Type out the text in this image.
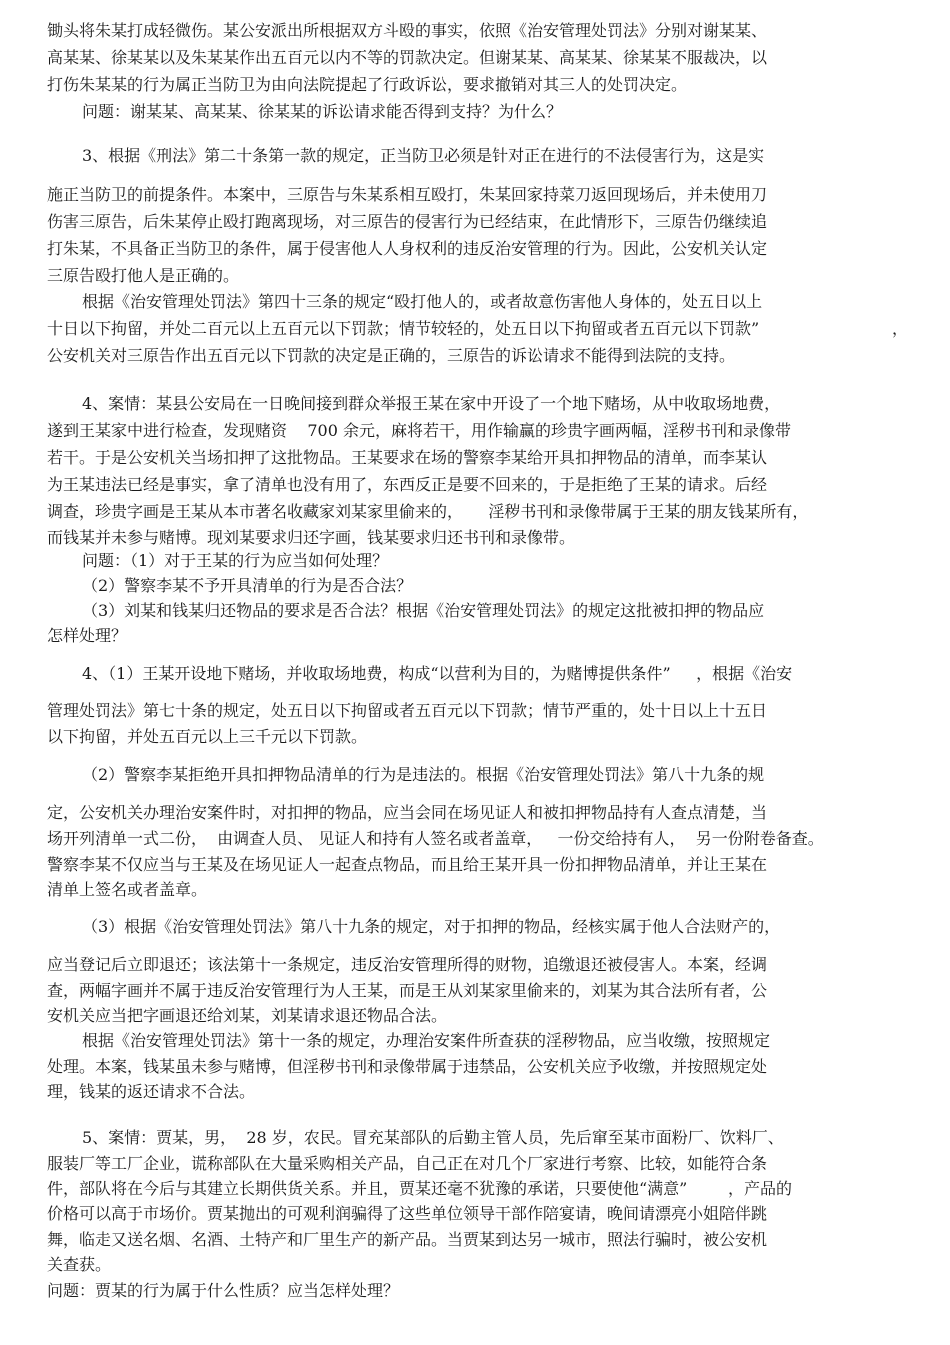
锄头将朱某打成轻微伤。某公安派出所根据双方斗殴的事实，依照《治安管理处罚法》分别对谢某某、

高某某、徐某某以及朱某某作出五百元以内不等的罚款决定。但谢某某、高某某、徐某某不服裁决，以

打伤朱某某的行为属正当防卫为由向法院提起了行政诉讼，要求撤销对其三人的处罚决定。

问题：谢某某、高某某、徐某某的诉讼请求能否得到支持？为什么？

3、根据《刑法》第二十条第一款的规定，正当防卫必须是针对正在进行的不法侵害行为，这是实

施正当防卫的前提条件。本案中，三原告与朱某系相互殴打，朱某回家持菜刀返回现场后，并未使用刀

伤害三原告，后朱某停止殴打跑离现场，对三原告的侵害行为已经结束，在此情形下，三原告仍继续追

打朱某，不具备正当防卫的条件，属于侵害他人人身权利的违反治安管理的行为。因此，公安机关认定

三原告殴打他人是正确的。

根据《治安管理处罚法》第四十三条的规定“殴打他人的，或者故意伤害他人身体的，处五日以上

十日以下拘留，并处二百元以上五百元以下罚款；情节较轻的，处五日以下拘留或者五百元以下罚款”	，

公安机关对三原告作出五百元以下罚款的决定是正确的，三原告的诉讼请求不能得到法院的支持。

4、案情：某县公安局在一日晚间接到群众举报王某在家中开设了一个地下赌场，从中收取场地费，

遂到王某家中进行检查，发现赌资    700 余元，麻将若干，用作输赢的珍贵字画两幅，淫秽书刊和录像带

若干。于是公安机关当场扣押了这批物品。王某要求在场的警察李某给开具扣押物品的清单，而李某认

为王某违法已经是事实，拿了清单也没有用了，东西反正是要不回来的，于是拒绝了王某的请求。后经

调查，珍贵字画是王某从本市著名收藏家刘某家里偷来的，     淫秽书刊和录像带属于王某的朋友钱某所有，

而钱某并未参与赌博。现刘某要求归还字画，钱某要求归还书刊和录像带。

问题：（1）对于王某的行为应当如何处理？

（2）警察李某不予开具清单的行为是否合法？

（3）刘某和钱某归还物品的要求是否合法？根据《治安管理处罚法》的规定这批被扣押的物品应

怎样处理？

4、（1）王某开设地下赌场，并收取场地费，构成“以营利为目的，为赌博提供条件”     ，根据《治安

管理处罚法》第七十条的规定，处五日以下拘留或者五百元以下罚款；情节严重的，处十日以上十五日

以下拘留，并处五百元以上三千元以下罚款。

（2）警察李某拒绝开具扣押物品清单的行为是违法的。根据《治安管理处罚法》第八十九条的规

定，公安机关办理治安案件时，对扣押的物品，应当会同在场见证人和被扣押物品持有人查点清楚，当

场开列清单一式二份，  由调查人员、 见证人和持有人签名或者盖章，   一份交给持有人，  另一份附卷备查。

警察李某不仅应当与王某及在场见证人一起查点物品，而且给王某开具一份扣押物品清单，并让王某在

清单上签名或者盖章。

（3）根据《治安管理处罚法》第八十九条的规定，对于扣押的物品，经核实属于他人合法财产的，

应当登记后立即退还；该法第十一条规定，违反治安管理所得的财物，追缴退还被侵害人。本案，经调

查，两幅字画并不属于违反治安管理行为人王某，而是王从刘某家里偷来的，刘某为其合法所有者，公

安机关应当把字画退还给刘某，刘某请求退还物品合法。

根据《治安管理处罚法》第十一条的规定，办理治安案件所查获的淫秽物品，应当收缴，按照规定

处理。本案，钱某虽未参与赌博，但淫秽书刊和录像带属于违禁品，公安机关应予收缴，并按照规定处

理，钱某的返还请求不合法。

5、案情：贾某，男，  28 岁，农民。冒充某部队的后勤主管人员，先后窜至某市面粉厂、饮料厂、

服装厂等工厂企业，谎称部队在大量采购相关产品，自己正在对几个厂家进行考察、比较，如能符合条

件，部队将在今后与其建立长期供货关系。并且，贾某还毫不犹豫的承诺，只要使他“满意”        ，产品的

价格可以高于市场价。贾某抛出的可观利润骗得了这些单位领导干部作陪宴请，晚间请漂亮小姐陪伴跳

舞，临走又送名烟、名酒、土特产和厂里生产的新产品。当贾某到达另一城市，照法行骗时，被公安机

关查获。

问题：贾某的行为属于什么性质？应当怎样处理？
